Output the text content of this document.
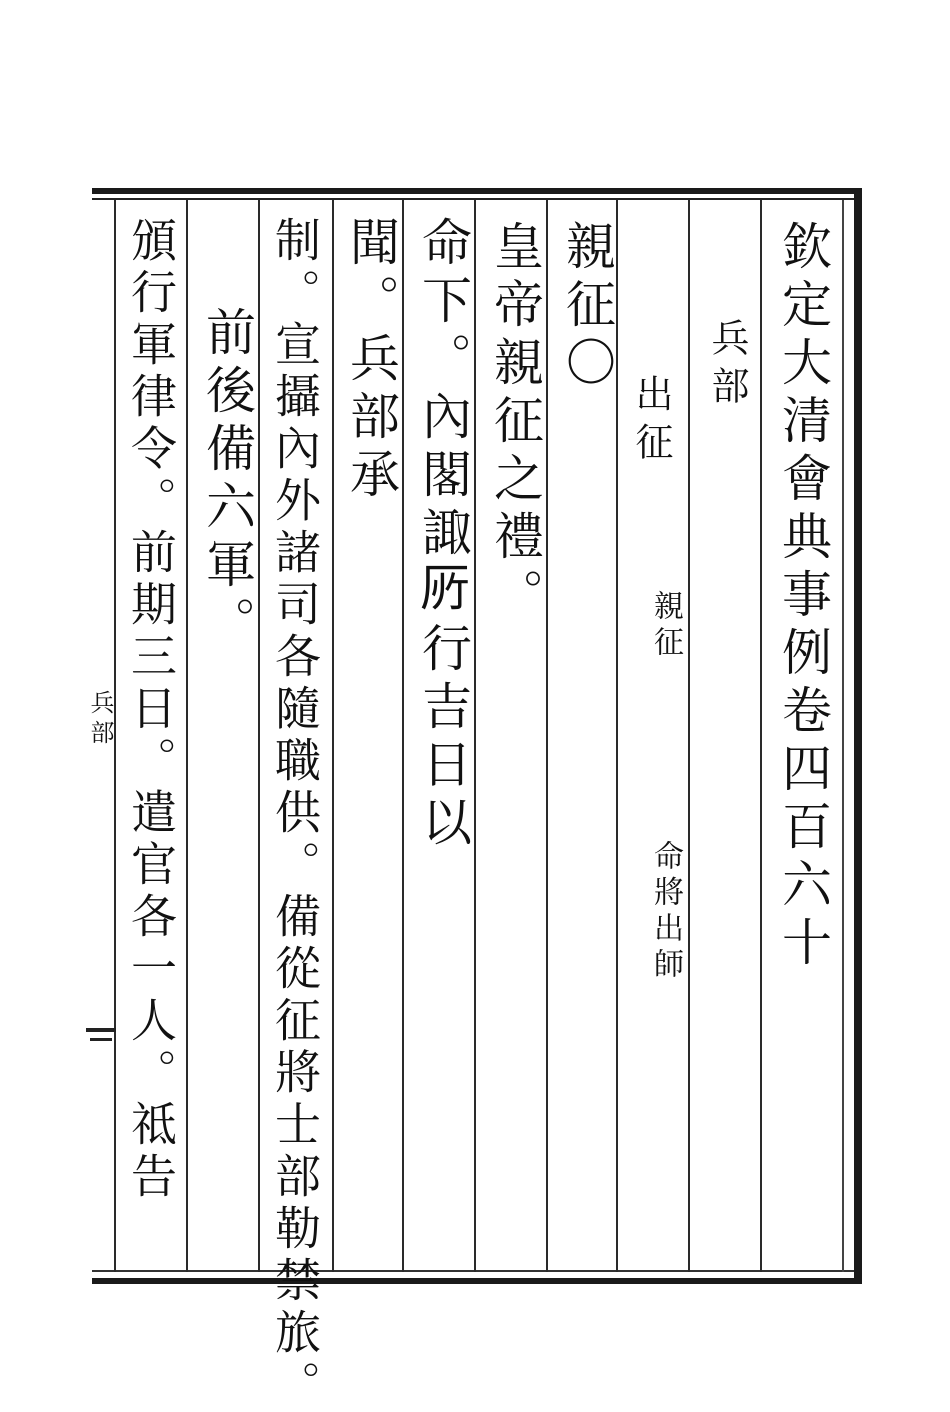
欽定大清會典事例卷四百六十
兵部
出征
親征
命將出師
親征〇
皇帝親征之禮。
命下。內閣諏𠩄行吉日以
聞。兵部承
制。宣攝內外諸司各隨職供。備從征將士部勒禁旅。
前後備六軍。
頒行軍律令。前期三日。遣官各一人。祗告
兵部
